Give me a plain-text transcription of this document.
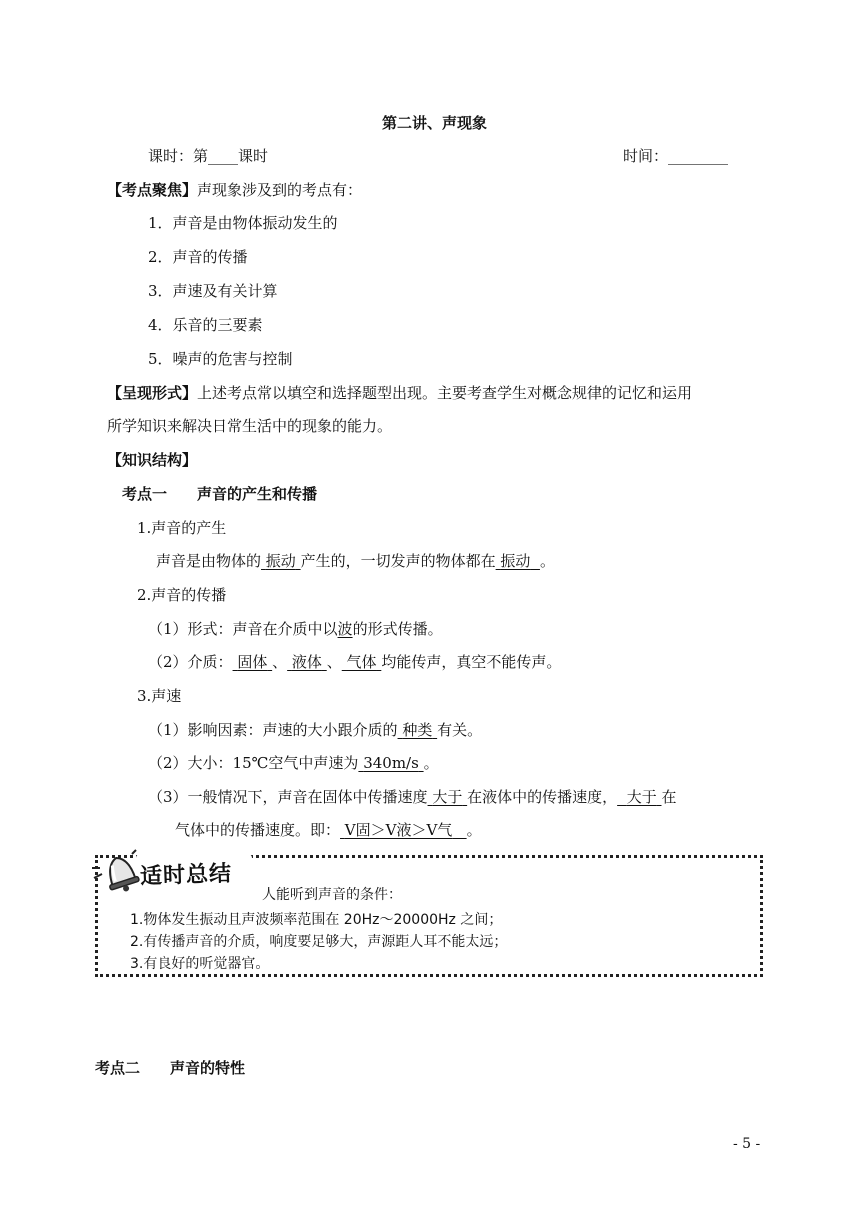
第二讲、声现象
课时：第____课时	时间：________
【考点聚焦】声现象涉及到的考点有：
1．声音是由物体振动发生的
2．声音的传播
3．声速及有关计算
4．乐音的三要素
5．噪声的危害与控制
【呈现形式】上述考点常以填空和选择题型出现。主要考查学生对概念规律的记忆和运用
所学知识来解决日常生活中的现象的能力。
【知识结构】
考点一　　声音的产生和传播
1.声音的产生
声音是由物体的 振动 产生的，一切发声的物体都在 振动 。
2.声音的传播
（1）形式：声音在介质中以波的形式传播。
（2）介质： 固体 、 液体 、 气体 均能传声，真空不能传声。
3.声速
（1）影响因素：声速的大小跟介质的 种类 有关。
（2）大小：15℃空气中声速为 340m/s 。
（3）一般情况下，声音在固体中传播速度 大于 在液体中的传播速度， 大于 在
气体中的传播速度。即： V固＞V液＞V气 。
适时总结
人能听到声音的条件：
1.物体发生振动且声波频率范围在 20Hz～20000Hz 之间；
2.有传播声音的介质，响度要足够大，声源距人耳不能太远；
3.有良好的听觉器官。
考点二　　声音的特性
- 5 -
